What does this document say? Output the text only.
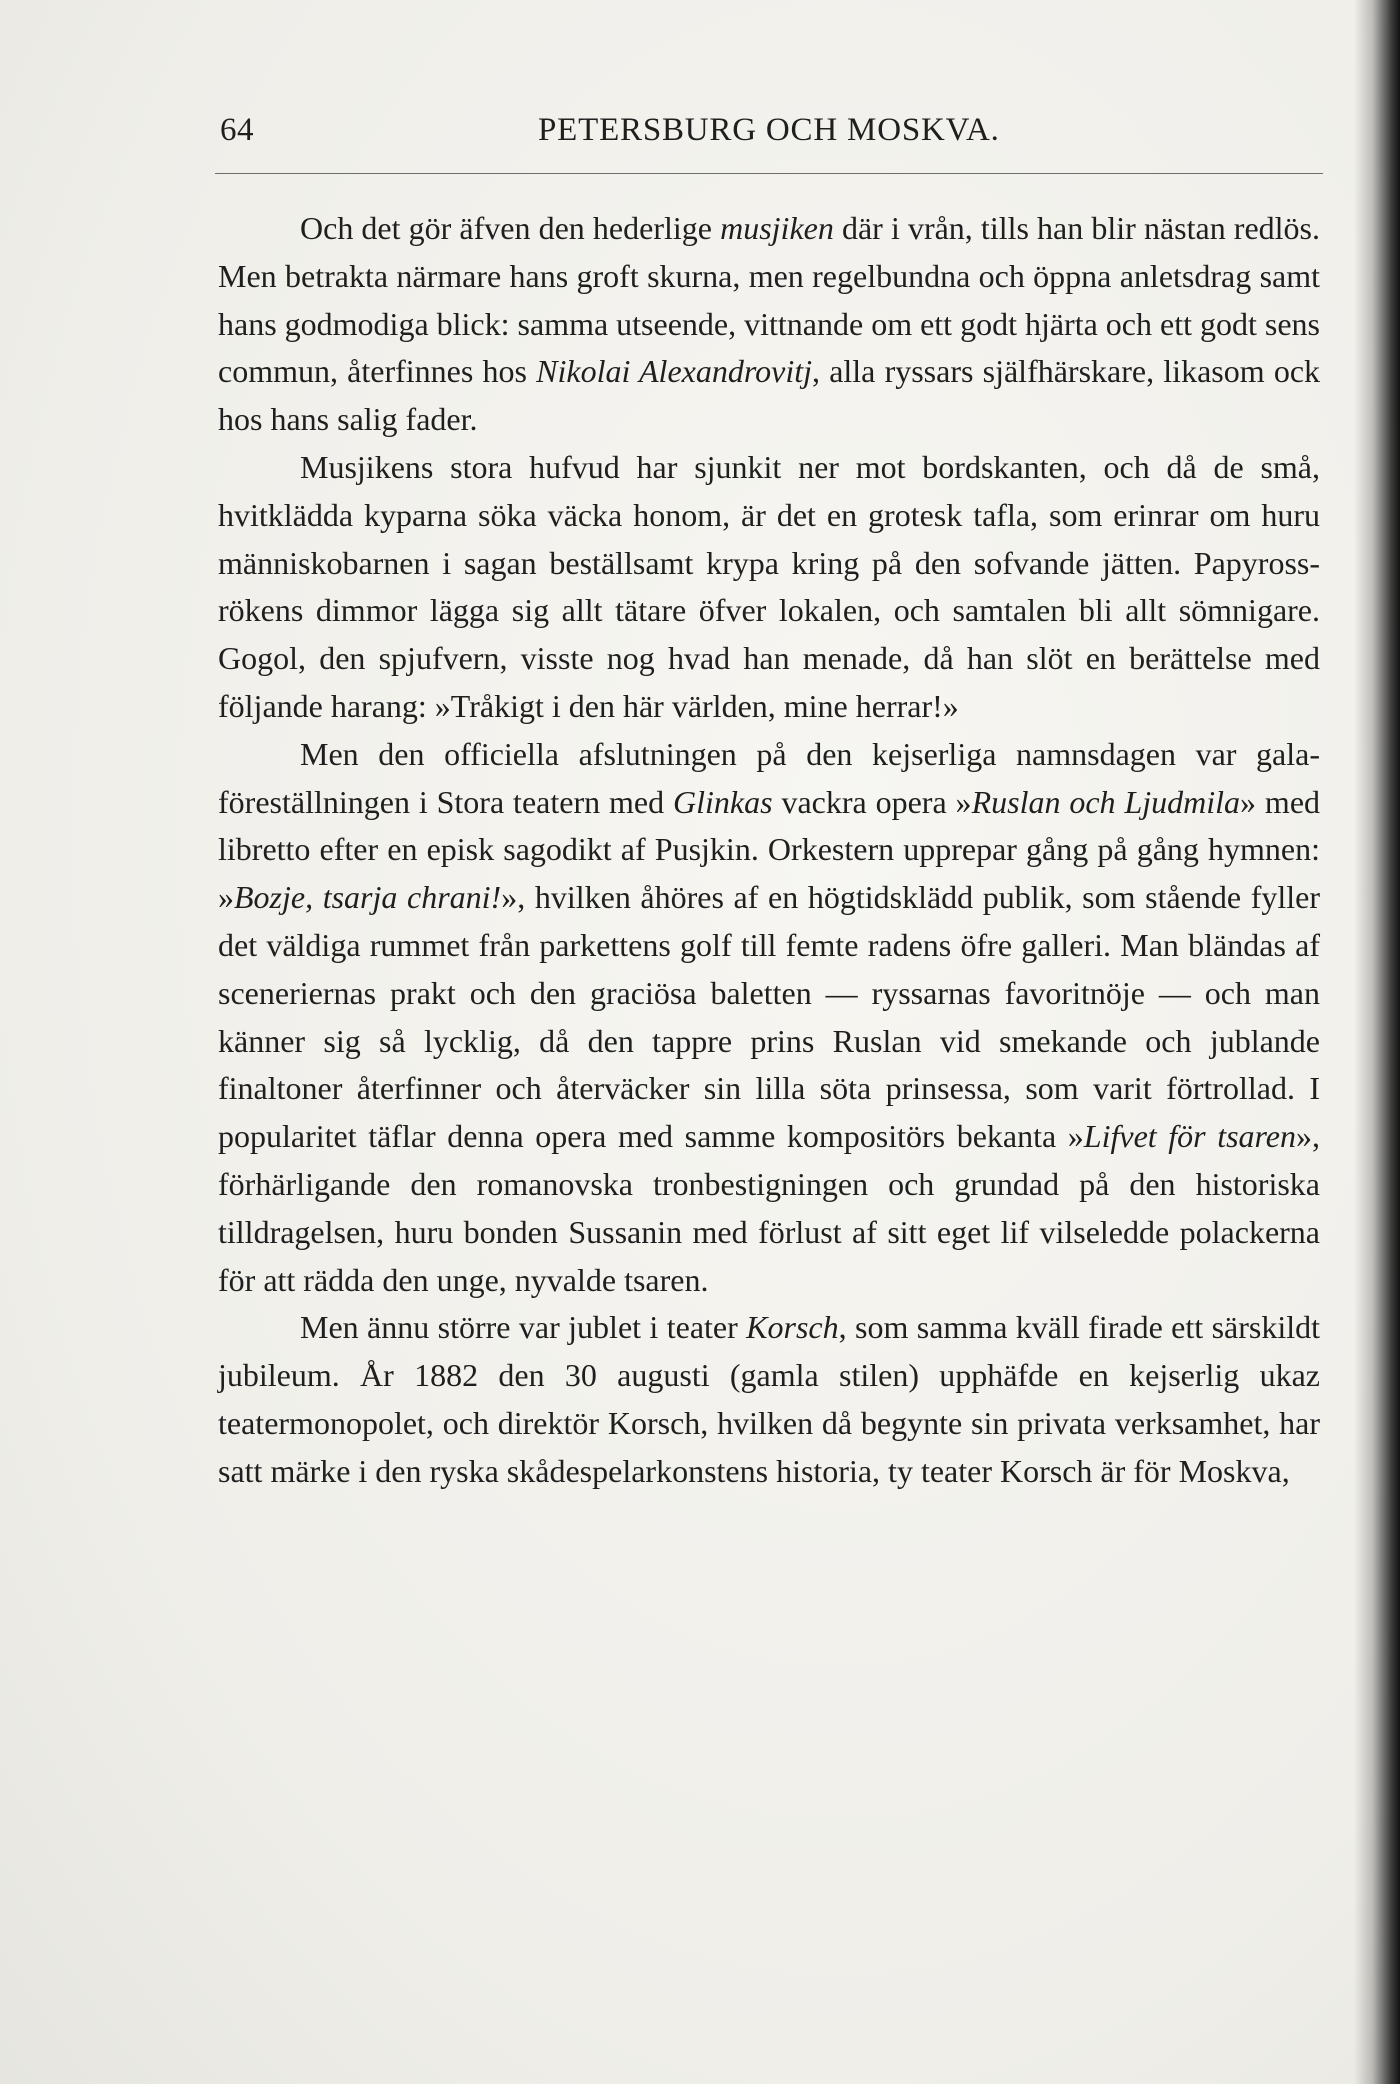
64	PETERSBURG OCH MOSKVA.

Och det gör äfven den hederlige musjiken där i vrån, tills han blir nästan redlös. Men betrakta närmare hans groft skurna, men regelbundna och öppna anletsdrag samt hans godmodiga blick: samma utseende, vittnande om ett godt hjärta och ett godt sens commun, återfinnes hos Nikolai Alexandrovitj, alla ryssars själfhärskare, likasom ock hos hans salig fader.

Musjikens stora hufvud har sjunkit ner mot bordskanten, och då de små, hvitklädda kyparna söka väcka honom, är det en grotesk tafla, som erinrar om huru människobarnen i sagan beställsamt krypa kring på den sofvande jätten. Papyross-rökens dimmor lägga sig allt tätare öfver lokalen, och samtalen bli allt sömnigare. Gogol, den spjufvern, visste nog hvad han menade, då han slöt en berättelse med följande harang: »Tråkigt i den här världen, mine herrar!»

Men den officiella afslutningen på den kejserliga namnsdagen var gala-föreställningen i Stora teatern med Glinkas vackra opera »Ruslan och Ljudmila» med libretto efter en episk sagodikt af Pusjkin. Orkestern upprepar gång på gång hymnen: »Bozje, tsarja chrani!», hvilken åhöres af en högtidsklädd publik, som stående fyller det väldiga rummet från parkettens golf till femte radens öfre galleri. Man bländas af sceneriernas prakt och den graciösa baletten — ryssarnas favoritnöje — och man känner sig så lycklig, då den tappre prins Ruslan vid smekande och jublande finaltoner återfinner och återväcker sin lilla söta prinsessa, som varit förtrollad. I popularitet täflar denna opera med samme kompositörs bekanta »Lifvet för tsaren», förhärligande den romanovska tronbestigningen och grundad på den historiska tilldragelsen, huru bonden Sussanin med förlust af sitt eget lif vilseledde polackerna för att rädda den unge, nyvalde tsaren.

Men ännu större var jublet i teater Korsch, som samma kväll firade ett särskildt jubileum. År 1882 den 30 augusti (gamla stilen) upphäfde en kejserlig ukaz teatermonopolet, och direktör Korsch, hvilken då begynte sin privata verksamhet, har satt märke i den ryska skådespelarkonstens historia, ty teater Korsch är för Moskva,
